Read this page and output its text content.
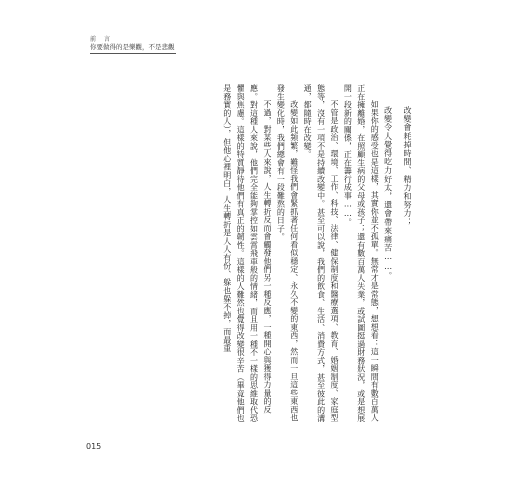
前　言
你要做得的是樂觀，不是悲觀

改變會耗掉時間、精力和努力；

改變令人覺得吃力好太，還會帶來痛苦……。

如果你的感受也是這樣，其實你並不孤單。無常才是常態，想想看：這一瞬間有數百萬人正在擁離婚，在照顧生病的父母或孩子；還有數百萬人失業，或試圖挺過財務狀況，或是想展開一段新的關係，正在籌行成事……。

不管是政治、環境、工作、科技、法律、健保制度和醫療選項、教育、婚姻制度、家庭型態等，沒有一項不是持續改變中。甚至可以說，我們的飲食、生活、消費方式，甚至彼此的溝通，都隨時在改變。

改變如此頻繁，難怪我們會緊抓著任何看似穩定、永久不變的東西，然而一旦這些東西也發生變化時，我們總會有一段難熬的日子。

不過，對某些人來說，人生轉折反而會觸發他們另一種反應，一種開心與獲得力量的反應。對這種人來說，他們完全能夠掌控如雲霄飛車般的情緒，而且用一種不一樣的思維取代恐懼與焦慮。這樣的特質靜待他們有真正的韌性。這樣的人難然也覺得改變很辛苦（畢竟他們也是務實的人），但他心裡明白，人生轉折是人人有份、躲也躲不掉，而最重

015
